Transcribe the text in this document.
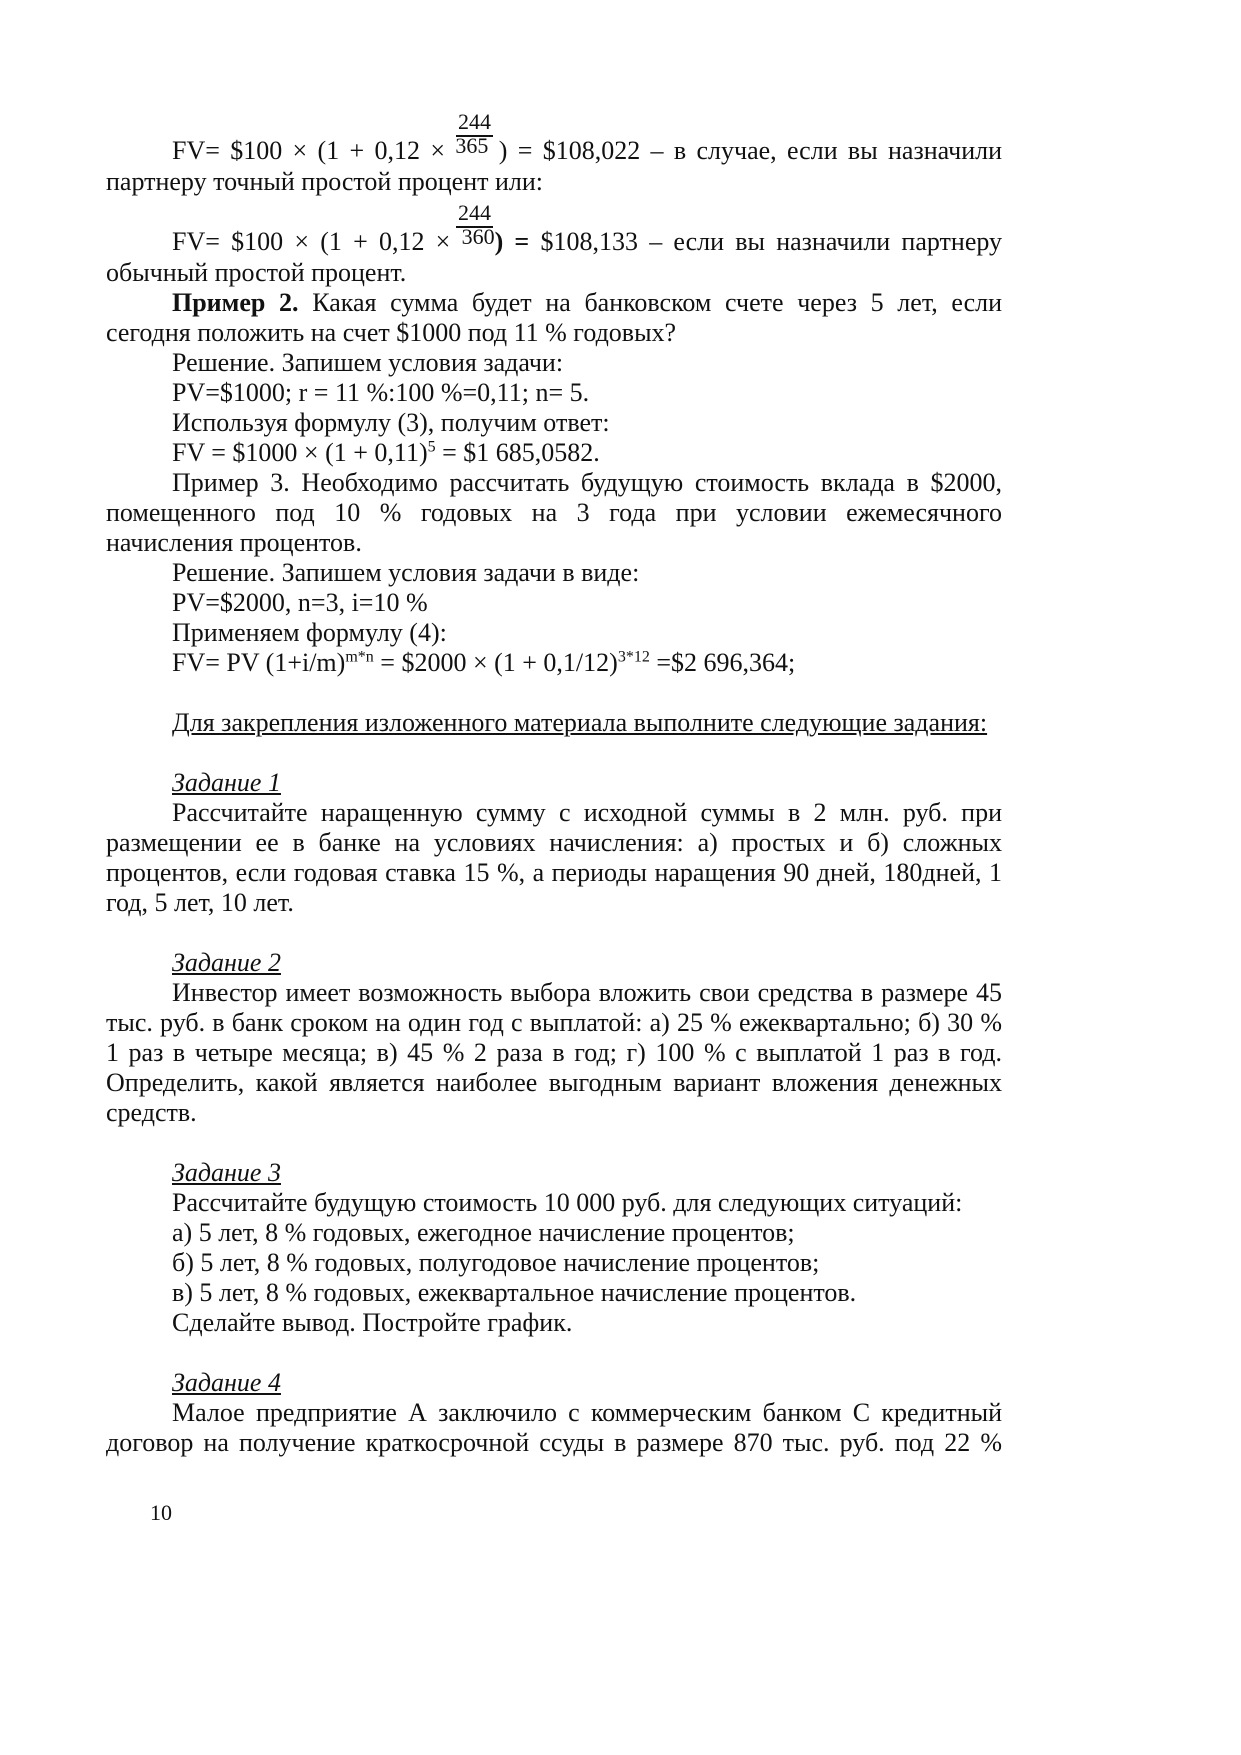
244

FV= $100 × (1 + 0,12 × $^{365}$ ) = $108,022 – в случае, если вы назначили партнеру точный простой процент или:

244

FV= $100 × (1 + 0,12 × $^{360}$) = $108,133 – если вы назначили партнеру обычный простой процент.

Пример 2. Какая сумма будет на банковском счете через 5 лет, если сегодня положить на счет $1000 под 11 % годовых?

Решение. Запишем условия задачи:

PV=$1000; r = 11 %:100 %=0,11; n= 5.

Используя формулу (3), получим ответ:

FV = $1000 × $(1 + 0,11)^5$ = $1 685,0582.

Пример 3. Необходимо рассчитать будущую стоимость вклада в $2000, помещенного под 10 % годовых на 3 года при условии ежемесячного начисления процентов.

Решение. Запишем условия задачи в виде:

PV=$2000, n=3, i=10 %

Применяем формулу (4):

FV= PV $(1+i/m)^{m*n}$ = $2000 × $(1 + 0,1/12)^{3*12}$ =$2 696,364;

Для закрепления изложенного материала выполните следующие задания:

Задание 1

Рассчитайте наращенную сумму с исходной суммы в 2 млн. руб. при размещении ее в банке на условиях начисления: а) простых и б) сложных процентов, если годовая ставка 15 %, а периоды наращения 90 дней, 180дней, 1 год, 5 лет, 10 лет.

Задание 2

Инвестор имеет возможность выбора вложить свои средства в размере 45 тыс. руб. в банк сроком на один год с выплатой: а) 25 % ежеквартально; б) 30 % 1 раз в четыре месяца; в) 45 % 2 раза в год; г) 100 % с выплатой 1 раз в год. Определить, какой является наиболее выгодным вариант вложения денежных средств.

Задание 3

Рассчитайте будущую стоимость 10 000 руб. для следующих ситуаций:

а) 5 лет, 8 % годовых, ежегодное начисление процентов;

б) 5 лет, 8 % годовых, полугодовое начисление процентов;

в) 5 лет, 8 % годовых, ежеквартальное начисление процентов.

Сделайте вывод. Постройте график.

Задание 4

Малое предприятие А заключило с коммерческим банком С кредитный договор на получение краткосрочной ссуды в размере 870 тыс. руб. под 22 %

10
